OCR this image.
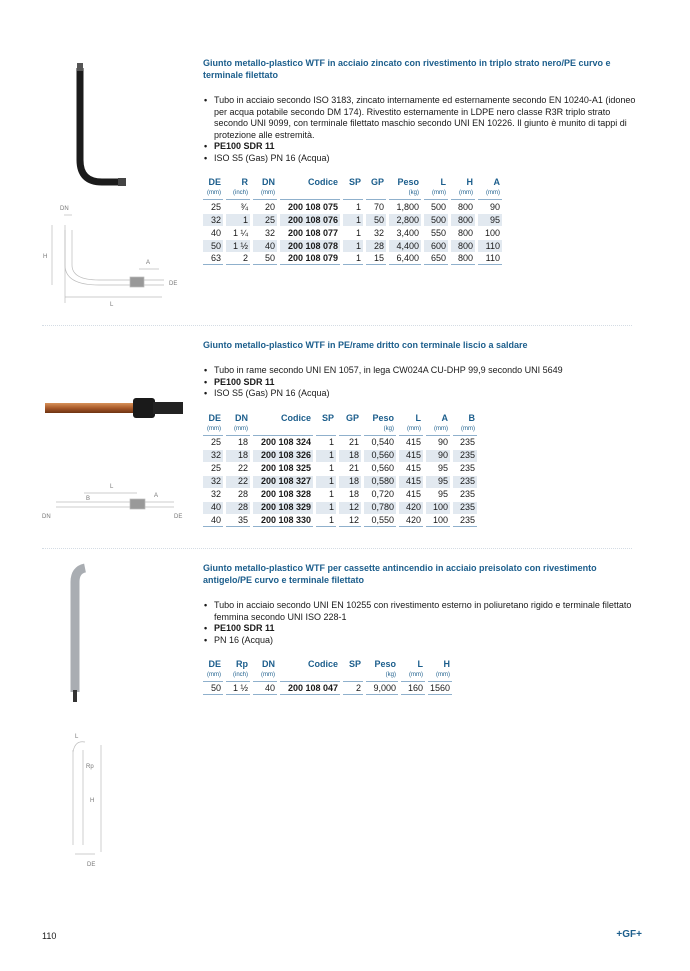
Giunto metallo-plastico WTF in acciaio zincato con rivestimento in triplo strato nero/PE curvo e terminale filettato
• Tubo in acciaio secondo ISO 3183, zincato internamente ed esternamente secondo EN 10240-A1 (idoneo per acqua potabile secondo DM 174). Rivestito esternamente in LDPE nero classe R3R triplo strato secondo UNI 9099, con terminale filettato maschio secondo UNI EN 10226. Il giunto è munito di tappi di protezione alle estremità.
• PE100 SDR 11
• ISO S5 (Gas) PN 16 (Acqua)
DE	R	DN	Codice	SP	GP	Peso	L	H	A
(mm)	(inch)	(mm)				(kg)	(mm)	(mm)	(mm)
25	¾	20	200 108 075	1	70	1,800	500	800	90
32	1	25	200 108 076	1	50	2,800	500	800	95
40	1 ¼	32	200 108 077	1	32	3,400	550	800	100
50	1 ½	40	200 108 078	1	28	4,400	600	800	110
63	2	50	200 108 079	1	15	6,400	650	800	110
DN
H
A
L
DE
Giunto metallo-plastico WTF in PE/rame dritto con terminale liscio a saldare
• Tubo in rame secondo UNI EN 1057, in lega CW024A CU-DHP 99,9 secondo UNI 5649
• PE100 SDR 11
• ISO S5 (Gas) PN 16 (Acqua)
DE	DN	Codice	SP	GP	Peso	L	A	B
(mm)	(mm)				(kg)	(mm)	(mm)	(mm)
25	18	200 108 324	1	21	0,540	415	90	235
32	18	200 108 326	1	18	0,560	415	90	235
25	22	200 108 325	1	21	0,560	415	95	235
32	22	200 108 327	1	18	0,580	415	95	235
32	28	200 108 328	1	18	0,720	415	95	235
40	28	200 108 329	1	12	0,780	420	100	235
40	35	200 108 330	1	12	0,550	420	100	235
DN	DE
B
L
A
Giunto metallo-plastico WTF per cassette antincendio in acciaio preisolato con rivestimento antigelo/PE curvo e terminale filettato
• Tubo in acciaio secondo UNI EN 10255 con rivestimento esterno in poliuretano rigido e terminale filettato femmina secondo UNI ISO 228-1
• PE100 SDR 11
• PN 16 (Acqua)
DE	Rp	DN	Codice	SP	Peso	L	H
(mm)	(inch)	(mm)			(kg)	(mm)	(mm)
50	1 ½	40	200 108 047	2	9,000	160	1560
L
Rp
H
DE
110	+GF+
